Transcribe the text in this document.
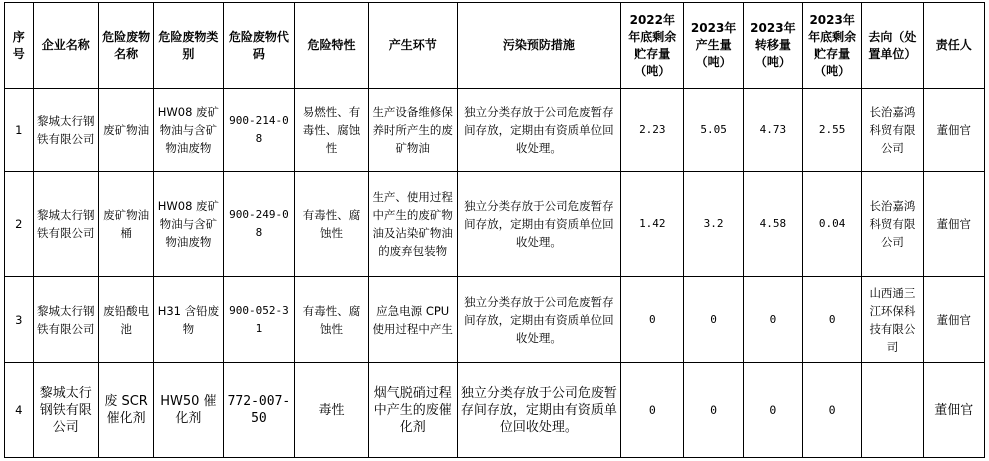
序号	企业名称	危险废物名称	危险废物类别	危险废物代码	危险特性	产生环节	污染预防措施	2022年年底剩余贮存量（吨）	2023年产生量（吨）	2023年转移量（吨）	2023年年底剩余贮存量（吨）	去向（处置单位）	责任人
1	黎城太行钢铁有限公司	废矿物油	HW08 废矿物油与含矿物油废物	900-214-08	易燃性、有毒性、腐蚀性	生产设备维修保养时所产生的废矿物油	独立分类存放于公司危废暂存间存放，定期由有资质单位回收处理。	2.23	5.05	4.73	2.55	长治嘉鸿科贸有限公司	董佃官
2	黎城太行钢铁有限公司	废矿物油桶	HW08 废矿物油与含矿物油废物	900-249-08	有毒性、腐蚀性	生产、使用过程中产生的废矿物油及沾染矿物油的废弃包装物	独立分类存放于公司危废暂存间存放，定期由有资质单位回收处理。	1.42	3.2	4.58	0.04	长治嘉鸿科贸有限公司	董佃官
3	黎城太行钢铁有限公司	废铅酸电池	H31 含铅废物	900-052-31	有毒性、腐蚀性	应急电源 CPU 使用过程中产生	独立分类存放于公司危废暂存间存放，定期由有资质单位回收处理。	0	0	0	0	山西通三江环保科技有限公司	董佃官
4	黎城太行钢铁有限公司	废 SCR 催化剂	HW50 催化剂	772-007-50	毒性	烟气脱硝过程中产生的废催化剂	独立分类存放于公司危废暂存间存放，定期由有资质单位回收处理。	0	0	0	0		董佃官
